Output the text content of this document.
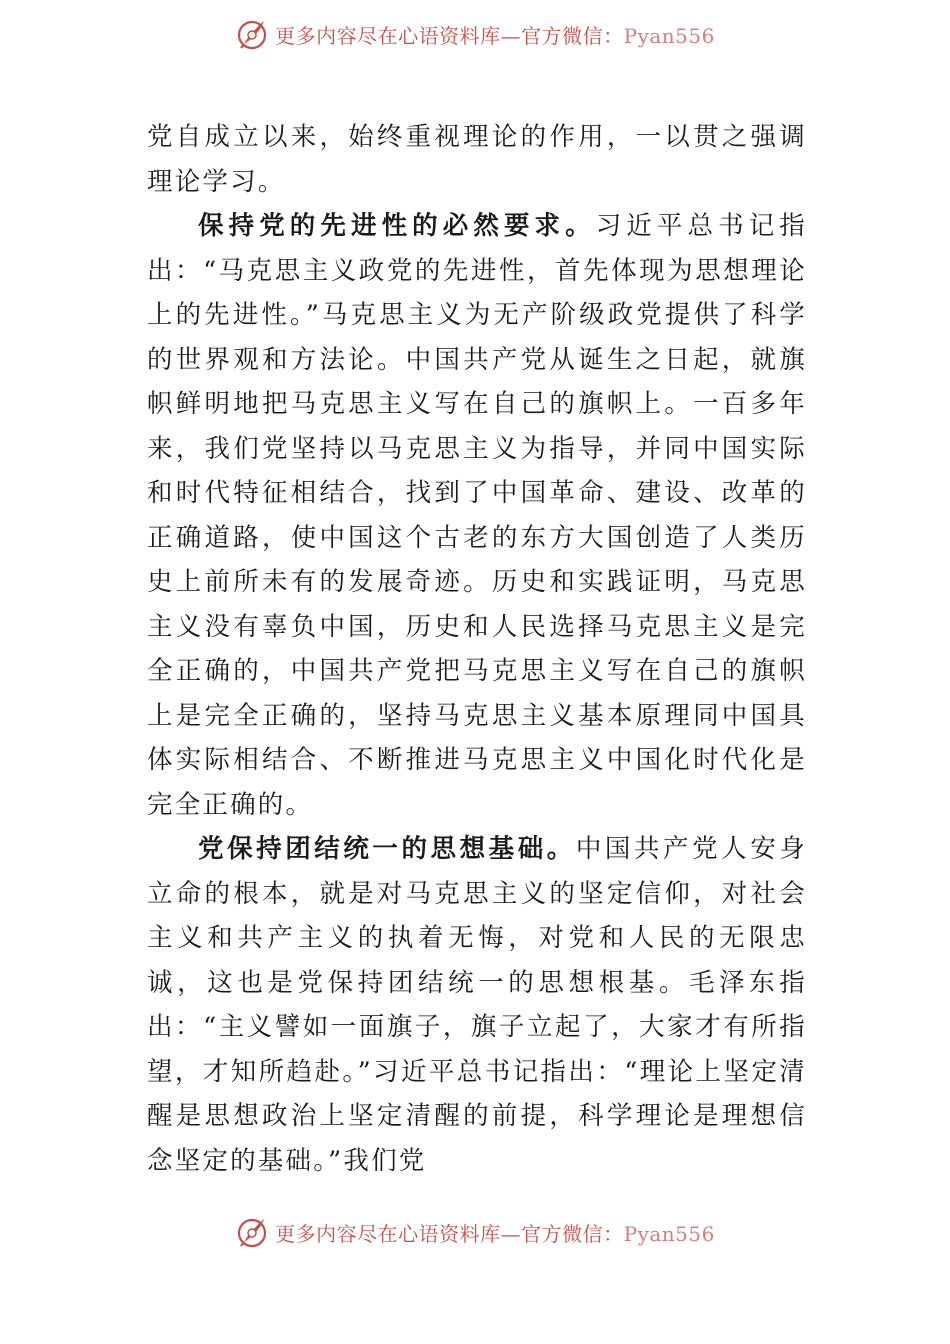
更多内容尽在心语资料库—官方微信：Pyan556

党自成立以来，始终重视理论的作用，一以贯之强调理论学习。

保持党的先进性的必然要求。习近平总书记指出：“马克思主义政党的先进性，首先体现为思想理论上的先进性。”马克思主义为无产阶级政党提供了科学的世界观和方法论。中国共产党从诞生之日起，就旗帜鲜明地把马克思主义写在自己的旗帜上。一百多年来，我们党坚持以马克思主义为指导，并同中国实际和时代特征相结合，找到了中国革命、建设、改革的正确道路，使中国这个古老的东方大国创造了人类历史上前所未有的发展奇迹。历史和实践证明，马克思主义没有辜负中国，历史和人民选择马克思主义是完全正确的，中国共产党把马克思主义写在自己的旗帜上是完全正确的，坚持马克思主义基本原理同中国具体实际相结合、不断推进马克思主义中国化时代化是完全正确的。

党保持团结统一的思想基础。中国共产党人安身立命的根本，就是对马克思主义的坚定信仰，对社会主义和共产主义的执着无悔，对党和人民的无限忠诚，这也是党保持团结统一的思想根基。毛泽东指出：“主义譬如一面旗子，旗子立起了，大家才有所指望，才知所趋赴。”习近平总书记指出：“理论上坚定清醒是思想政治上坚定清醒的前提，科学理论是理想信念坚定的基础。”我们党

更多内容尽在心语资料库—官方微信：Pyan556
